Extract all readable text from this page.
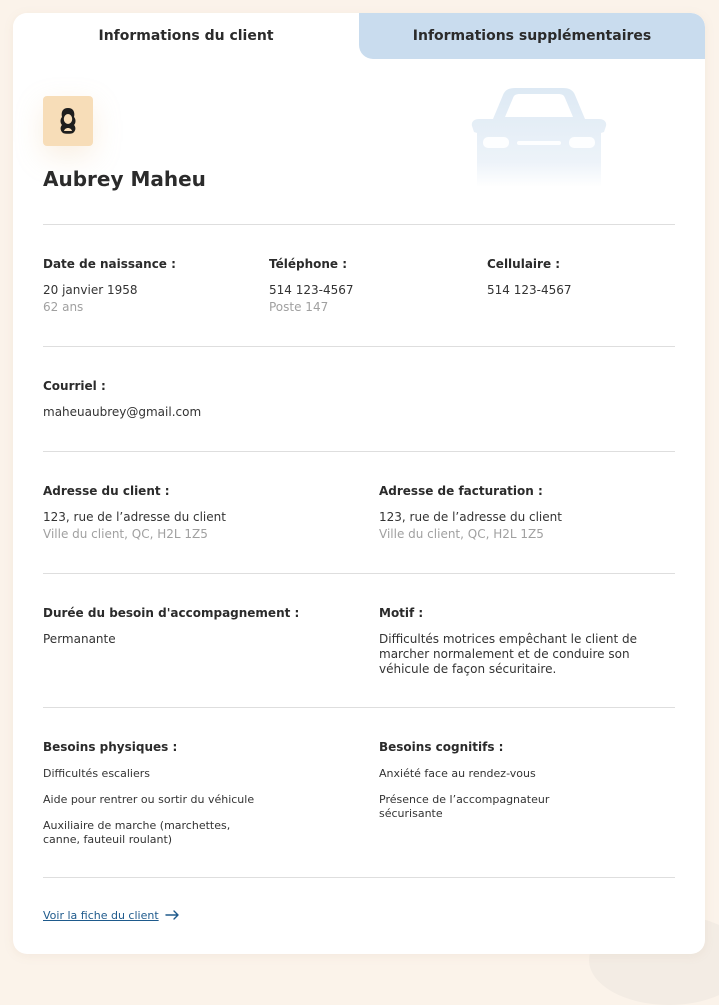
Informations du client	Informations supplémentaires
Aubrey Maheu
Date de naissance :
20 janvier 1958
62 ans
Téléphone :
514 123-4567
Poste 147
Cellulaire :
514 123-4567
Courriel :
maheuaubrey@gmail.com
Adresse du client :
123, rue de l’adresse du client
Ville du client, QC, H2L 1Z5
Adresse de facturation :
123, rue de l’adresse du client
Ville du client, QC, H2L 1Z5
Durée du besoin d'accompagnement :
Permanante
Motif :
Difficultés motrices empêchant le client de marcher normalement et de conduire son véhicule de façon sécuritaire.
Besoins physiques :
Difficultés escaliers
Aide pour rentrer ou sortir du véhicule
Auxiliaire de marche (marchettes, canne, fauteuil roulant)
Besoins cognitifs :
Anxiété face au rendez-vous
Présence de l’accompagnateur sécurisante
Voir la fiche du client
